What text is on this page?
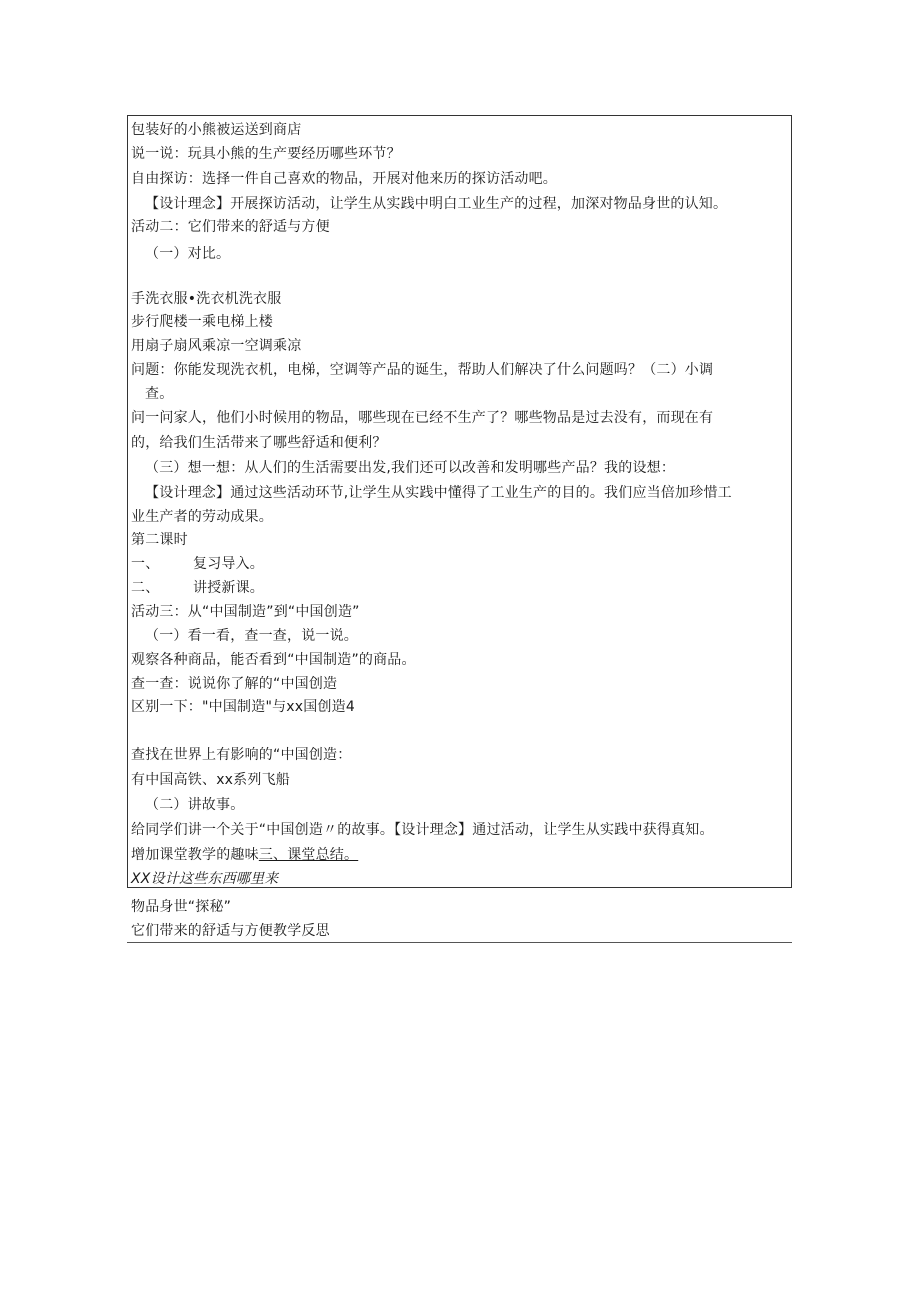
包装好的小熊被运送到商店
说一说：玩具小熊的生产要经历哪些环节？
自由探访：选择一件自己喜欢的物品，开展对他来历的探访活动吧。
【设计理念】开展探访活动，让学生从实践中明白工业生产的过程，加深对物品身世的认知。
活动二：它们带来的舒适与方便
（一）对比。
手洗衣服•洗衣机洗衣服
步行爬楼一乘电梯上楼
用扇子扇风乘凉一空调乘凉
问题：你能发现洗衣机，电梯，空调等产品的诞生，帮助人们解决了什么问题吗？（二）小调
查。
问一问家人，他们小时候用的物品，哪些现在已经不生产了？哪些物品是过去没有，而现在有
的，给我们生活带来了哪些舒适和便利？
（三）想一想：从人们的生活需要出发,我们还可以改善和发明哪些产品？我的设想：
【设计理念】通过这些活动环节,让学生从实践中懂得了工业生产的目的。我们应当倍加珍惜工
业生产者的劳动成果。
第二课时
一、 复习导入。
二、 讲授新课。
活动三：从“中国制造”到“中国创造”
（一）看一看，查一查，说一说。
观察各种商品，能否看到“中国制造”的商品。
查一查：说说你了解的“中国创造
区别一下："中国制造"与xx国创造4
查找在世界上有影响的“中国创造：
有中国高铁、xx系列飞船
（二）讲故事。
给同学们讲一个关于“中国创造〃的故事。【设计理念】通过活动，让学生从实践中获得真知。
增加课堂教学的趣味三、课堂总结。
XX设计这些东西哪里来
物品身世“探秘”
它们带来的舒适与方便教学反思
